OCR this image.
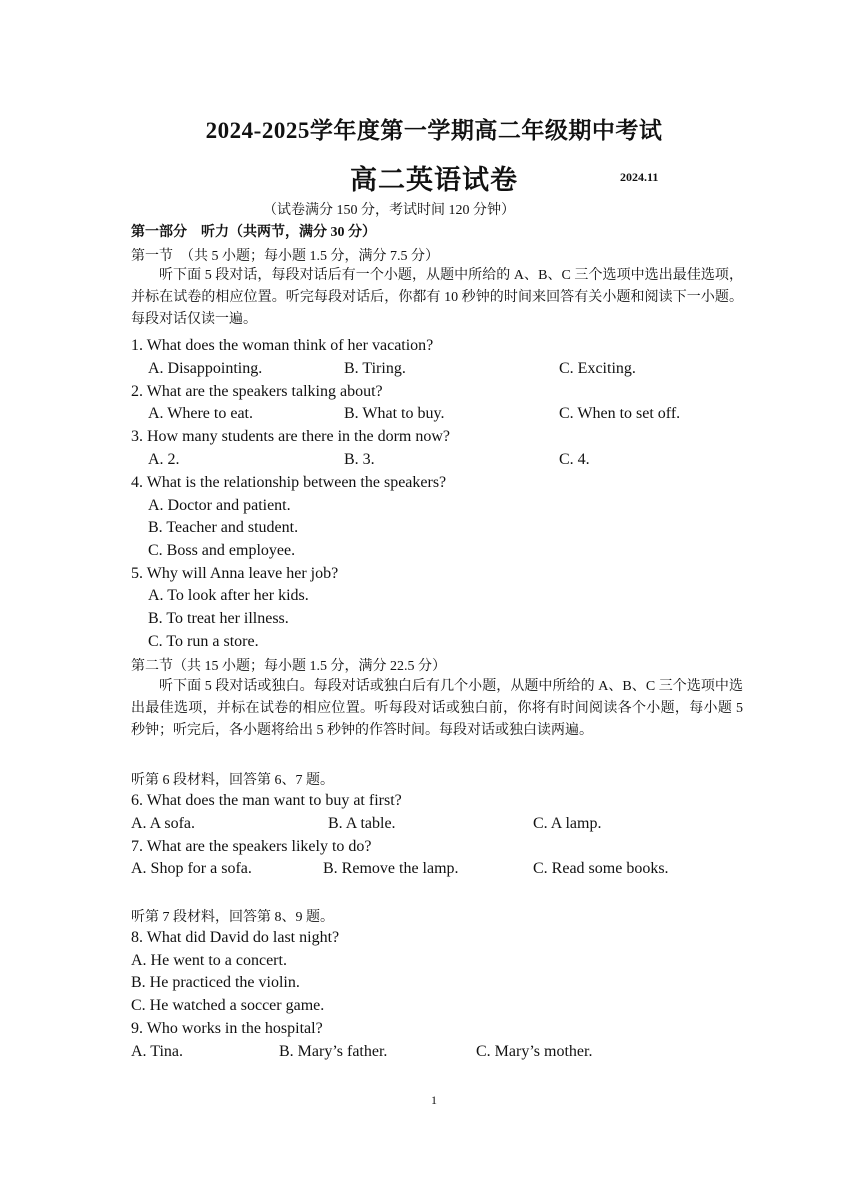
2024-2025学年度第一学期高二年级期中考试
高二英语试卷	2024.11
（试卷满分 150 分，考试时间 120 分钟）
第一部分　听力（共两节，满分 30 分）
第一节　（共 5 小题；每小题 1.5 分，满分 7.5 分）
听下面 5 段对话，每段对话后有一个小题，从题中所给的 A、B、C 三个选项中选出最佳选项，并标在试卷的相应位置。听完每段对话后，你都有 10 秒钟的时间来回答有关小题和阅读下一小题。每段对话仅读一遍。
1. What does the woman think of her vacation?
A. Disappointing.	B. Tiring.	C. Exciting.
2. What are the speakers talking about?
A. Where to eat.	B. What to buy.	C. When to set off.
3. How many students are there in the dorm now?
A. 2.	B. 3.	C. 4.
4. What is the relationship between the speakers?
A. Doctor and patient.
B. Teacher and student.
C. Boss and employee.
5. Why will Anna leave her job?
A. To look after her kids.
B. To treat her illness.
C. To run a store.
第二节（共 15 小题；每小题 1.5 分，满分 22.5 分）
听下面 5 段对话或独白。每段对话或独白后有几个小题，从题中所给的 A、B、C 三个选项中选出最佳选项，并标在试卷的相应位置。听每段对话或独白前，你将有时间阅读各个小题，每小题 5 秒钟；听完后，各小题将给出 5 秒钟的作答时间。每段对话或独白读两遍。
听第 6 段材料，回答第 6、7 题。
6. What does the man want to buy at first?
A. A sofa.	B. A table.	C. A lamp.
7. What are the speakers likely to do?
A. Shop for a sofa.	B. Remove the lamp.	C. Read some books.
听第 7 段材料，回答第 8、9 题。
8. What did David do last night?
A. He went to a concert.
B. He practiced the violin.
C. He watched a soccer game.
9. Who works in the hospital?
A. Tina.	B. Mary’s father.	C. Mary’s mother.
1
